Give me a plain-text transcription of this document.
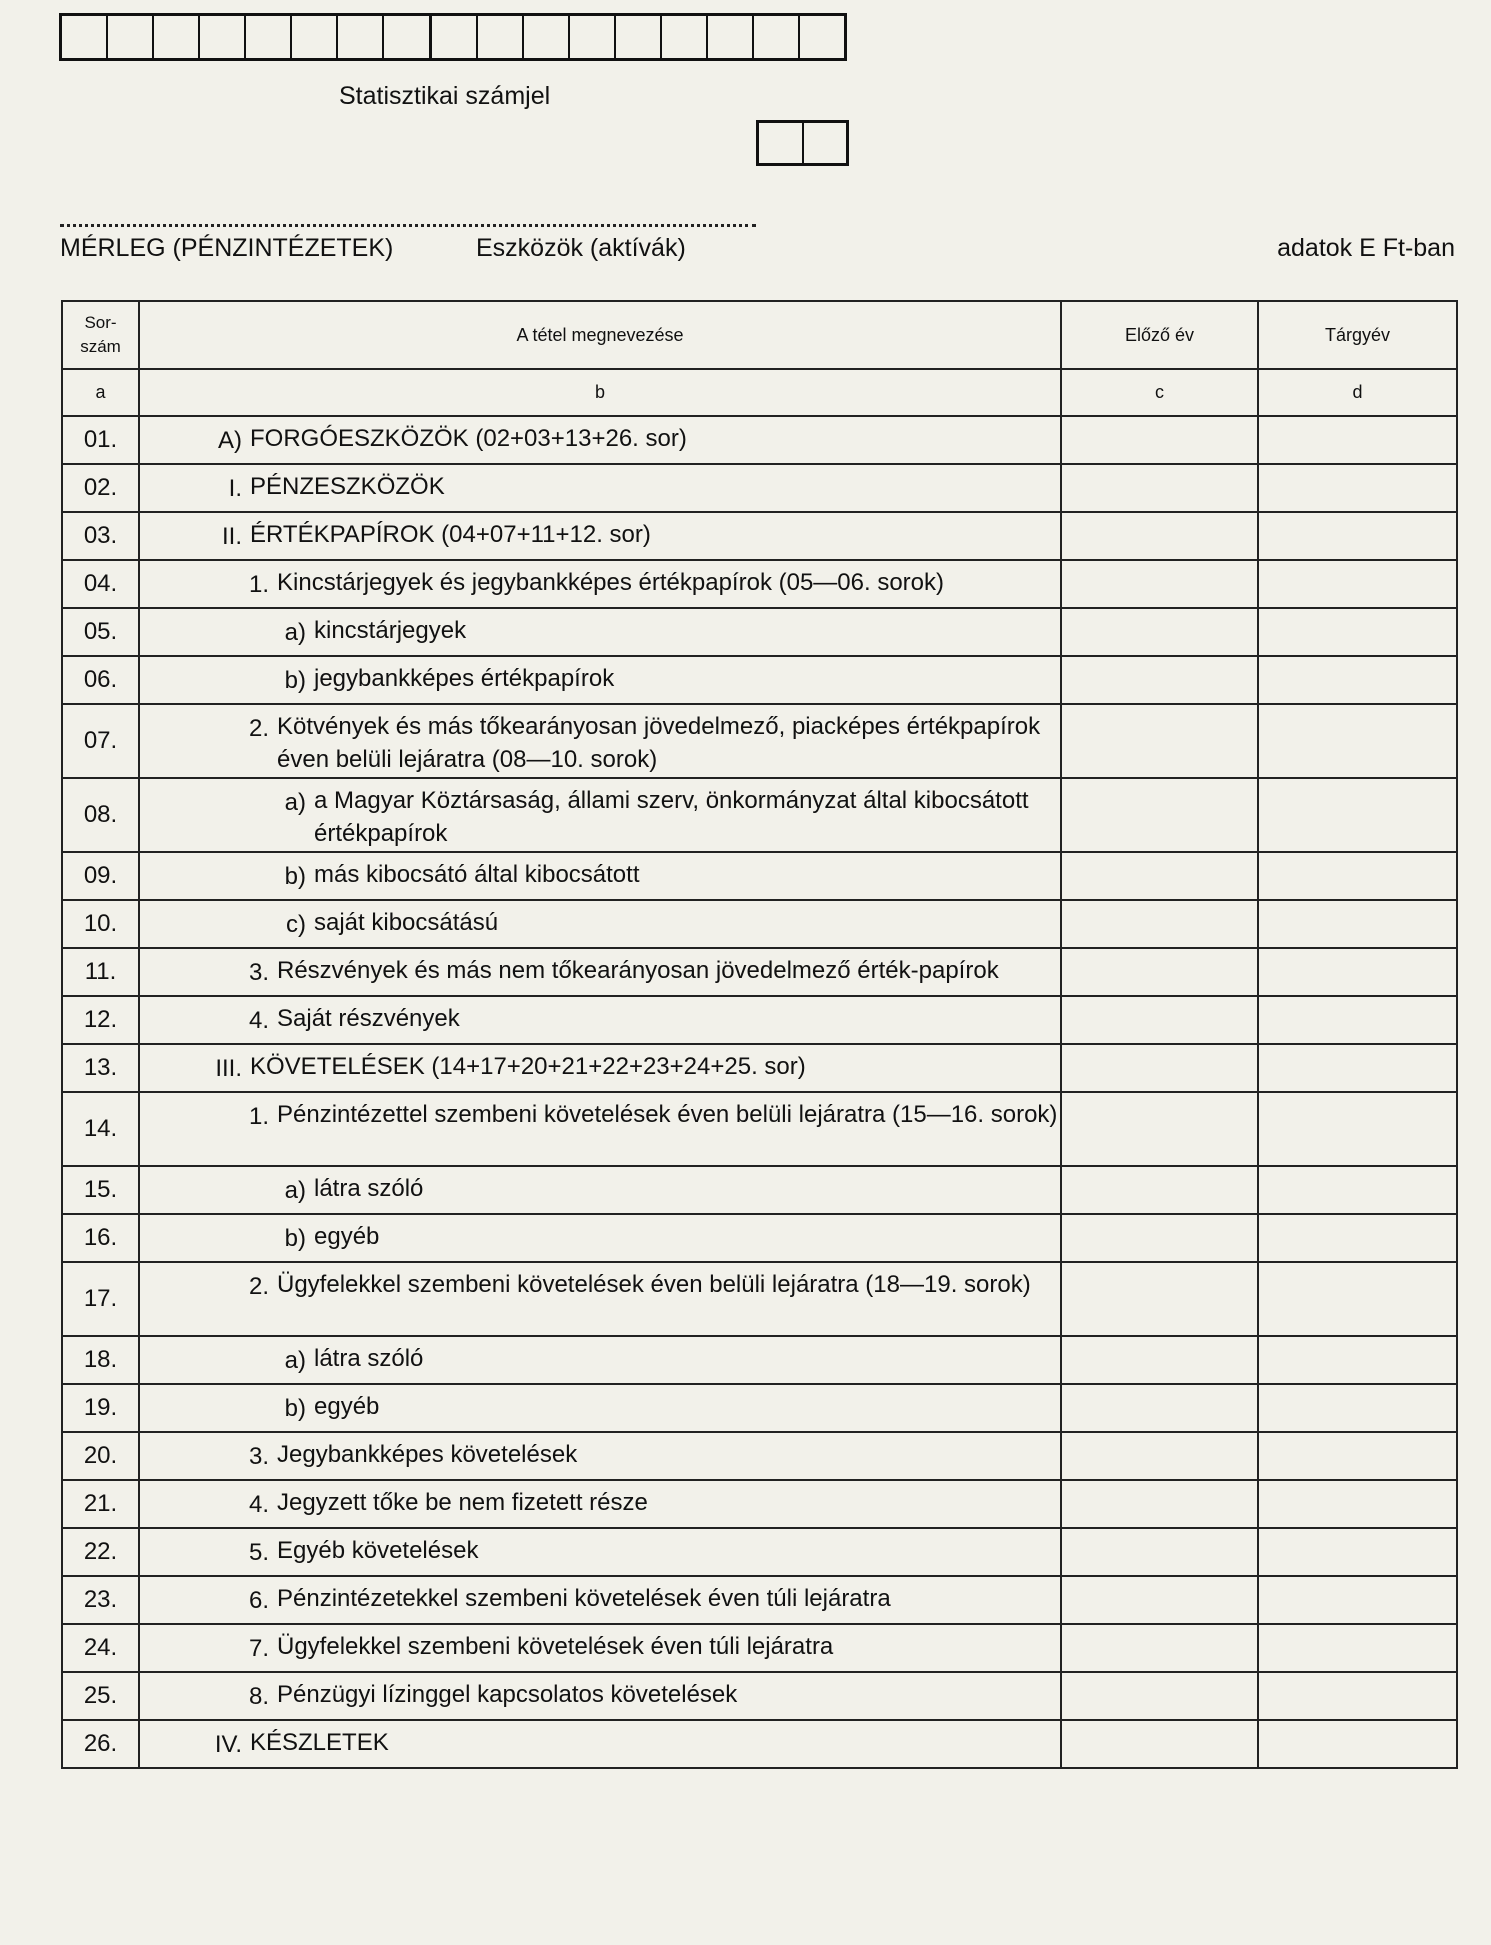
Statisztikai számjel
MÉRLEG (PÉNZINTÉZETEK)	Eszközök (aktívák)	adatok E Ft-ban
Sor-
szám	A tétel megnevezése	Előző év	Tárgyév
a	b	c	d
01.	A) FORGÓESZKÖZÖK (02+03+13+26. sor)		

02.	I. PÉNZESZKÖZÖK		

03.	II. ÉRTÉKPAPÍROK (04+07+11+12. sor)		

04.	1. Kincstárjegyek és jegybankképes értékpapírok (05—06. sorok)		

05.	a) kincstárjegyek		

06.	b) jegybankképes értékpapírok		

07.	2. Kötvények és más tőkearányosan jövedelmező, piacképes értékpapírok éven belüli lejáratra (08—10. sorok)		

08.	a) a Magyar Köztársaság, állami szerv, önkormányzat által kibocsátott értékpapírok		

09.	b) más kibocsátó által kibocsátott		

10.	c) saját kibocsátású		

11.	3. Részvények és más nem tőkearányosan jövedelmező érték-papírok		

12.	4. Saját részvények		

13.	III. KÖVETELÉSEK (14+17+20+21+22+23+24+25. sor)		

14.	1. Pénzintézettel szembeni követelések éven belüli lejáratra (15—16. sorok)		

15.	a) látra szóló		

16.	b) egyéb		

17.	2. Ügyfelekkel szembeni követelések éven belüli lejáratra (18—19. sorok)		

18.	a) látra szóló		

19.	b) egyéb		

20.	3. Jegybankképes követelések		

21.	4. Jegyzett tőke be nem fizetett része		

22.	5. Egyéb követelések		

23.	6. Pénzintézetekkel szembeni követelések éven túli lejáratra		

24.	7. Ügyfelekkel szembeni követelések éven túli lejáratra		

25.	8. Pénzügyi lízinggel kapcsolatos követelések		

26.	IV. KÉSZLETEK		
